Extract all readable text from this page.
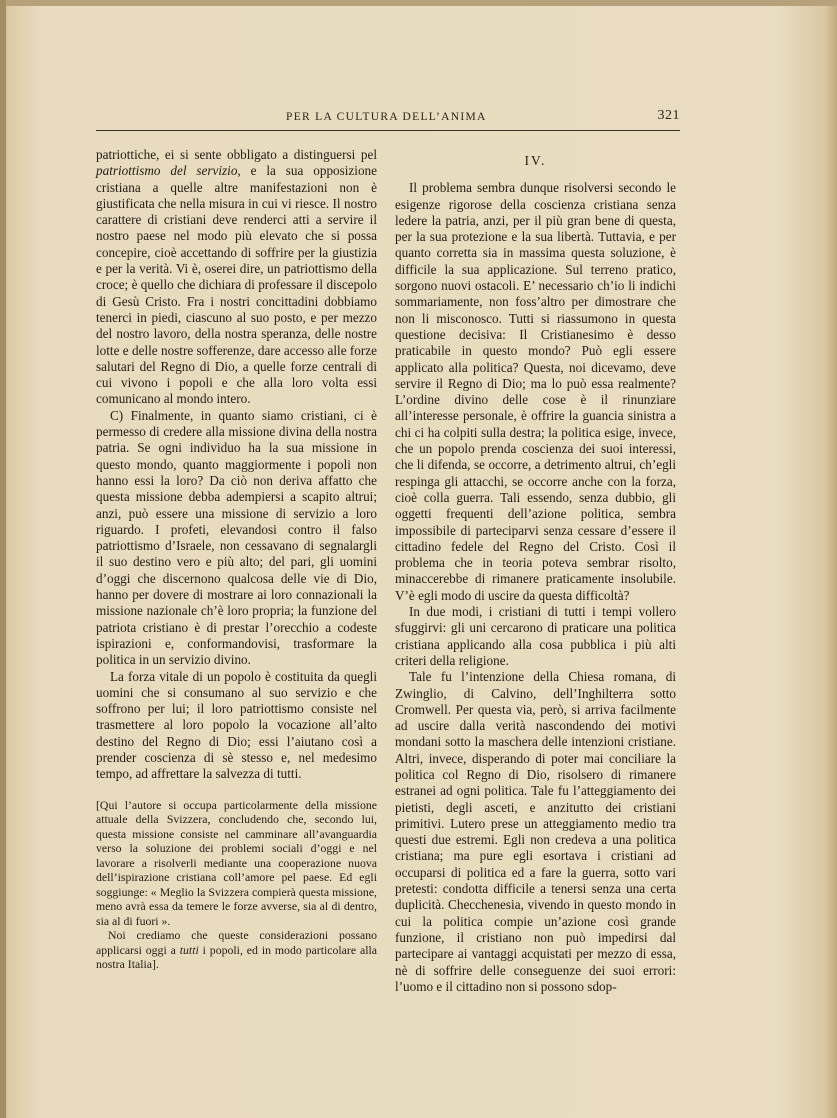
PER LA CULTURA DELL’ANIMA	321

patriottiche, ei si sente obbligato a distinguersi pel patriottismo del servizio, e la sua opposizione cristiana a quelle altre manifestazioni non è giustificata che nella misura in cui vi riesce. Il nostro carattere di cristiani deve renderci atti a servire il nostro paese nel modo più elevato che si possa concepire, cioè accettando di soffrire per la giustizia e per la verità. Vi è, oserei dire, un patriottismo della croce; è quello che dichiara di professare il discepolo di Gesù Cristo. Fra i nostri concittadini dobbiamo tenerci in piedi, ciascuno al suo posto, e per mezzo del nostro lavoro, della nostra speranza, delle nostre lotte e delle nostre sofferenze, dare accesso alle forze salutari del Regno di Dio, a quelle forze centrali di cui vivono i popoli e che alla loro volta essi comunicano al mondo intero.

C) Finalmente, in quanto siamo cristiani, ci è permesso di credere alla missione divina della nostra patria. Se ogni individuo ha la sua missione in questo mondo, quanto maggiormente i popoli non hanno essi la loro? Da ciò non deriva affatto che questa missione debba adempiersi a scapito altrui; anzi, può essere una missione di servizio a loro riguardo. I profeti, elevandosi contro il falso patriottismo d’Israele, non cessavano di segnalargli il suo destino vero e più alto; del pari, gli uomini d’oggi che discernono qualcosa delle vie di Dio, hanno per dovere di mostrare ai loro connazionali la missione nazionale ch’è loro propria; la funzione del patriota cristiano è di prestar l’orecchio a codeste ispirazioni e, conformandovisi, trasformare la politica in un servizio divino.

La forza vitale di un popolo è costituita da quegli uomini che si consumano al suo servizio e che soffrono per lui; il loro patriottismo consiste nel trasmettere al loro popolo la vocazione all’alto destino del Regno di Dio; essi l’aiutano così a prender coscienza di sè stesso e, nel medesimo tempo, ad affrettare la salvezza di tutti.

[Qui l’autore si occupa particolarmente della missione attuale della Svizzera, concludendo che, secondo lui, questa missione consiste nel camminare all’avanguardia verso la soluzione dei problemi sociali d’oggi e nel lavorare a risolverli mediante una cooperazione nuova dell’ispirazione cristiana coll’amore pel paese. Ed egli soggiunge: « Meglio la Svizzera compierà questa missione, meno avrà essa da temere le forze avverse, sia al di dentro, sia al di fuori ».

Noi crediamo che queste considerazioni possano applicarsi oggi a tutti i popoli, ed in modo particolare alla nostra Italia].

IV.

Il problema sembra dunque risolversi secondo le esigenze rigorose della coscienza cristiana senza ledere la patria, anzi, per il più gran bene di questa, per la sua protezione e la sua libertà. Tuttavia, e per quanto corretta sia in massima questa soluzione, è difficile la sua applicazione. Sul terreno pratico, sorgono nuovi ostacoli. E’ necessario ch’io li indichi sommariamente, non foss’altro per dimostrare che non li misconosco. Tutti si riassumono in questa questione decisiva: Il Cristianesimo è desso praticabile in questo mondo? Può egli essere applicato alla politica? Questa, noi dicevamo, deve servire il Regno di Dio; ma lo può essa realmente? L’ordine divino delle cose è il rinunziare all’interesse personale, è offrire la guancia sinistra a chi ci ha colpiti sulla destra; la politica esige, invece, che un popolo prenda coscienza dei suoi interessi, che li difenda, se occorre, a detrimento altrui, ch’egli respinga gli attacchi, se occorre anche con la forza, cioè colla guerra. Tali essendo, senza dubbio, gli oggetti frequenti dell’azione politica, sembra impossibile di parteciparvi senza cessare d’essere il cittadino fedele del Regno del Cristo. Così il problema che in teoria poteva sembrar risolto, minaccerebbe di rimanere praticamente insolubile. V’è egli modo di uscire da questa difficoltà?

In due modi, i cristiani di tutti i tempi vollero sfuggirvi: gli uni cercarono di praticare una politica cristiana applicando alla cosa pubblica i più alti criteri della religione.

Tale fu l’intenzione della Chiesa romana, di Zwinglio, di Calvino, dell’Inghilterra sotto Cromwell. Per questa via, però, si arriva facilmente ad uscire dalla verità nascondendo dei motivi mondani sotto la maschera delle intenzioni cristiane. Altri, invece, disperando di poter mai conciliare la politica col Regno di Dio, risolsero di rimanere estranei ad ogni politica. Tale fu l’atteggiamento dei pietisti, degli asceti, e anzitutto dei cristiani primitivi. Lutero prese un atteggiamento medio tra questi due estremi. Egli non credeva a una politica cristiana; ma pure egli esortava i cristiani ad occuparsi di politica ed a fare la guerra, sotto vari pretesti: condotta difficile a tenersi senza una certa duplicità. Checchenesia, vivendo in questo mondo in cui la politica compie un’azione così grande funzione, il cristiano non può impedirsi dal partecipare ai vantaggi acquistati per mezzo di essa, nè di soffrire delle conseguenze dei suoi errori: l’uomo e il cittadino non si possono sdop-
